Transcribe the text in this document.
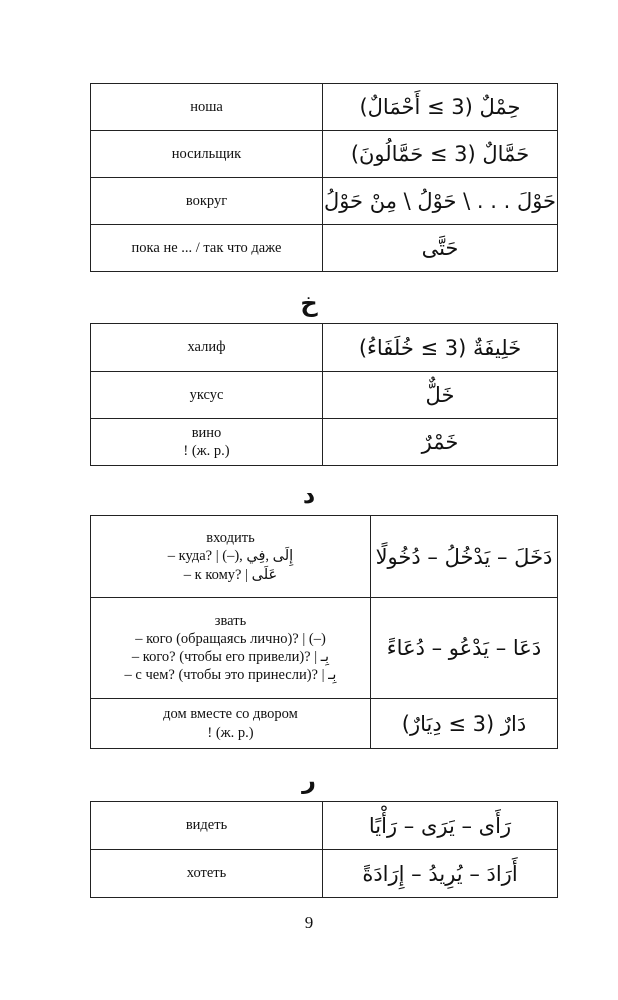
ноша	حِمْلٌ (3 ≥ أَحْمَالٌ)
носильщик	حَمَّالٌ (3 ≥ حَمَّالُونَ)
вокруг	حَوْلَ . . . \ حَوْلُ \ مِنْ حَوْلُ
пока не ... / так что даже	حَتَّى
خ
халиф	خَلِيفَةٌ (3 ≥ خُلَفَاءُ)
уксус	خَلٌّ

вино
! (ж. р.)	خَمْرٌ
د
входить
– куда? | (–), إِلَى ,فِي
– к кому? | عَلَى	دَخَلَ – يَدْخُلُ – دُخُولًا

звать
– кого (обращаясь лично)? | (–)
– кого? (чтобы его привели)? | بِـ
– с чем? (чтобы это принесли)? | بِـ	دَعَا – يَدْعُو – دُعَاءً

дом вместе со двором
! (ж. р.)	دَارٌ (3 ≥ دِيَارٌ)
ر
видеть	رَأَى – يَرَى – رَأْيًا
хотеть	أَرَادَ – يُرِيدُ – إِرَادَةً
9
